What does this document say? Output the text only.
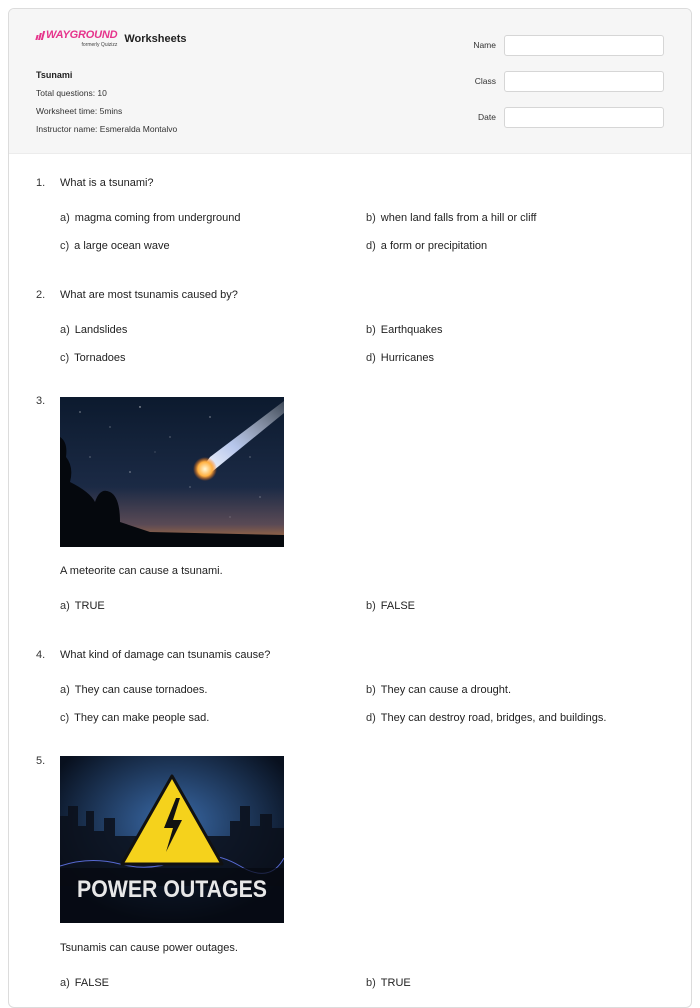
WAYGROUND
formerly Quizizz Worksheets
Tsunami
Total questions: 10
Worksheet time: 5mins
Instructor name: Esmeralda Montalvo
Name
Class
Date
1. What is a tsunami?
a) magma coming from underground	b) when land falls from a hill or cliff
c) a large ocean wave	d) a form or precipitation
2. What are most tsunamis caused by?
a) Landslides	b) Earthquakes
c) Tornadoes	d) Hurricanes
3.
A meteorite can cause a tsunami.
a) TRUE	b) FALSE
4. What kind of damage can tsunamis cause?
a) They can cause tornadoes.	b) They can cause a drought.
c) They can make people sad.	d) They can destroy road, bridges, and buildings.
5.
POWER OUTAGES
Tsunamis can cause power outages.
a) FALSE	b) TRUE
